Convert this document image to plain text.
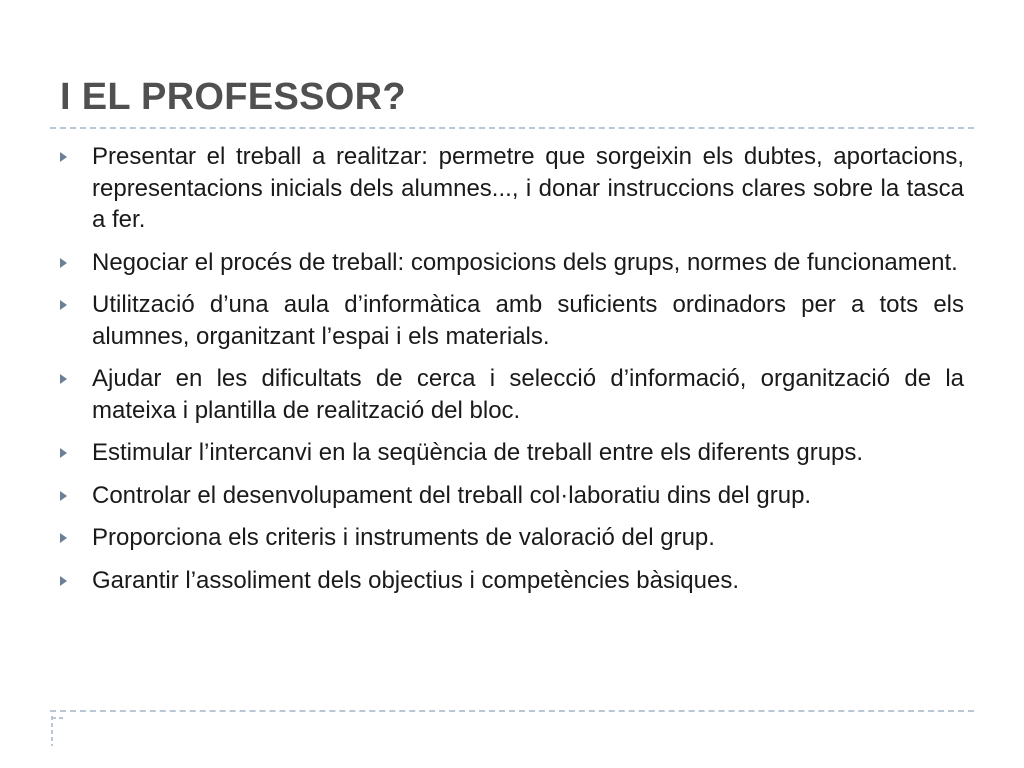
I EL PROFESSOR?
Presentar el treball a realitzar: permetre que sorgeixin els dubtes, aportacions, representacions inicials dels alumnes..., i donar instruccions clares sobre la tasca a fer.
Negociar el procés de treball: composicions dels grups, normes de funcionament.
Utilització d’una aula d’informàtica amb suficients ordinadors per a tots els alumnes, organitzant l’espai i els materials.
Ajudar en les dificultats de cerca i selecció d’informació, organització de la mateixa i plantilla de realització del bloc.
Estimular l’intercanvi en la seqüència de treball entre els diferents grups.
Controlar el desenvolupament del treball col·laboratiu dins del grup.
Proporciona els criteris i instruments de valoració del grup.
Garantir l’assoliment dels objectius i competències bàsiques.
